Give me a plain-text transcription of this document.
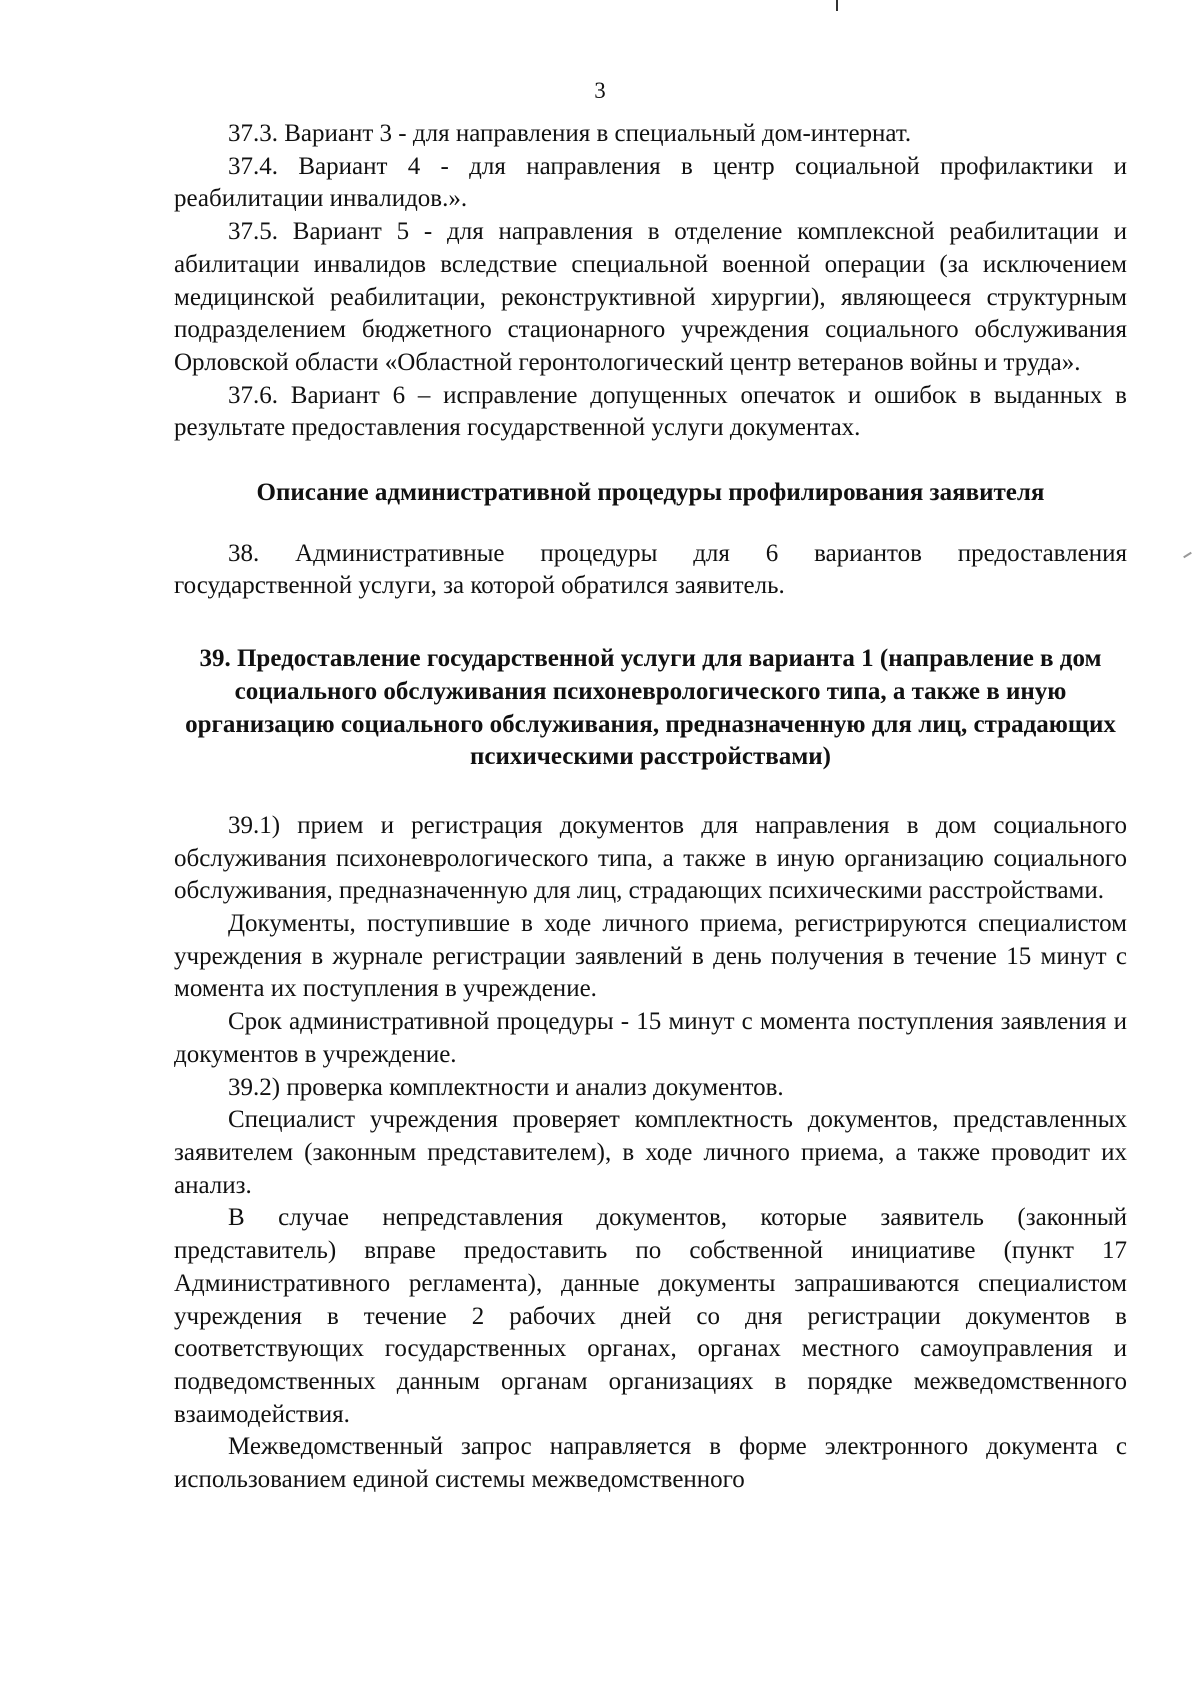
3

37.3. Вариант 3 - для направления в специальный дом-интернат.

37.4. Вариант 4 - для направления в центр социальной профилактики и реабилитации инвалидов.».

37.5. Вариант 5 - для направления в отделение комплексной реабилитации и абилитации инвалидов вследствие специальной военной операции (за исключением медицинской реабилитации, реконструктивной хирургии), являющееся структурным подразделением бюджетного стационарного учреждения социального обслуживания Орловской области «Областной геронтологический центр ветеранов войны и труда».

37.6. Вариант 6 – исправление допущенных опечаток и ошибок в выданных в результате предоставления государственной услуги документах.

Описание административной процедуры профилирования заявителя

38. Административные процедуры для 6 вариантов предоставления государственной услуги, за которой обратился заявитель.

39. Предоставление государственной услуги для варианта 1 (направление в дом социального обслуживания психоневрологического типа, а также в иную организацию социального обслуживания, предназначенную для лиц, страдающих психическими расстройствами)

39.1) прием и регистрация документов для направления в дом социального обслуживания психоневрологического типа, а также в иную организацию социального обслуживания, предназначенную для лиц, страдающих психическими расстройствами.

Документы, поступившие в ходе личного приема, регистрируются специалистом учреждения в журнале регистрации заявлений в день получения в течение 15 минут с момента их поступления в учреждение.

Срок административной процедуры - 15 минут с момента поступления заявления и документов в учреждение.

39.2) проверка комплектности и анализ документов.

Специалист учреждения проверяет комплектность документов, представленных заявителем (законным представителем), в ходе личного приема, а также проводит их анализ.

В случае непредставления документов, которые заявитель (законный представитель) вправе предоставить по собственной инициативе (пункт 17 Административного регламента), данные документы запрашиваются специалистом учреждения в течение 2 рабочих дней со дня регистрации документов в соответствующих государственных органах, органах местного самоуправления и подведомственных данным органам организациях в порядке межведомственного взаимодействия.

Межведомственный запрос направляется в форме электронного документа с использованием единой системы межведомственного
